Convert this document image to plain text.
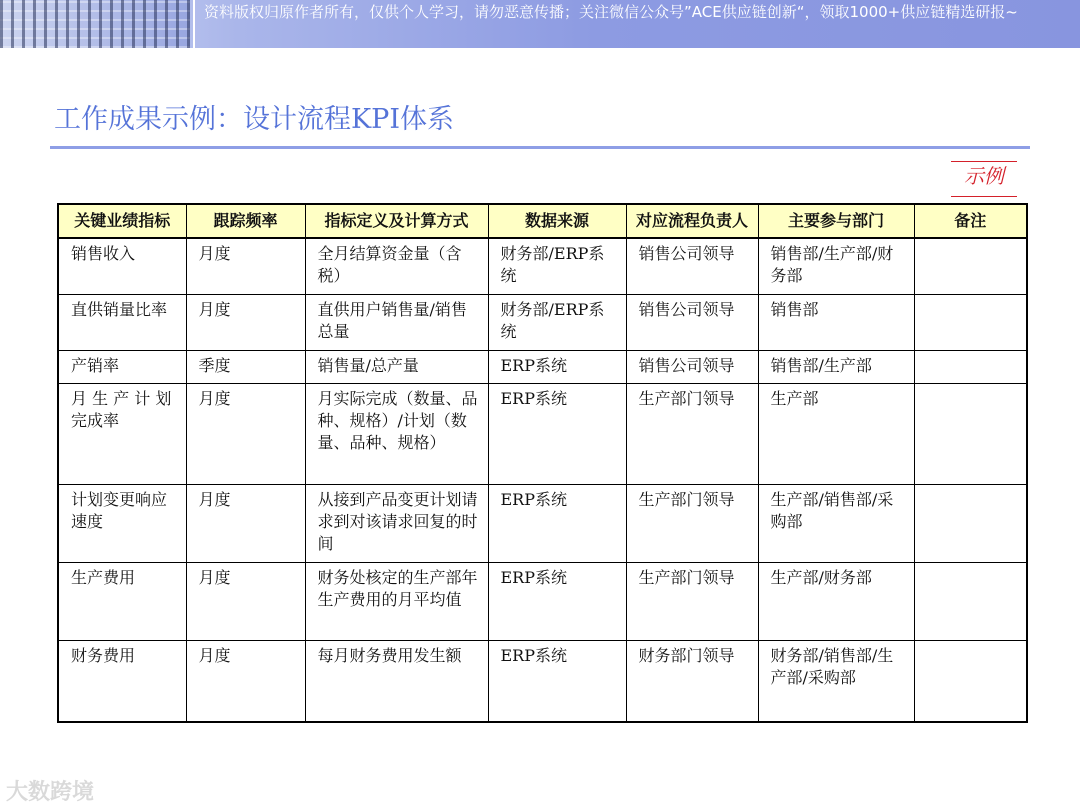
资料版权归原作者所有，仅供个人学习，请勿恶意传播；关注微信公众号”ACE供应链创新“，领取1000+供应链精选研报~
工作成果示例：设计流程KPI体系
示例
关键业绩指标	跟踪频率	指标定义及计算方式	数据来源	对应流程负责人	主要参与部门	备注
销售收入	月度	全月结算资金量（含税）	财务部/ERP系统	销售公司领导	销售部/生产部/财务部	
直供销量比率	月度	直供用户销售量/销售总量	财务部/ERP系统	销售公司领导	销售部	
产销率	季度	销售量/总产量	ERP系统	销售公司领导	销售部/生产部	
月 生 产 计 划完成率	月度	月实际完成（数量、品种、规格）/计划（数量、品种、规格）	ERP系统	生产部门领导	生产部	
计划变更响应速度	月度	从接到产品变更计划请求到对该请求回复的时间	ERP系统	生产部门领导	生产部/销售部/采购部	
生产费用	月度	财务处核定的生产部年生产费用的月平均值	ERP系统	生产部门领导	生产部/财务部	
财务费用	月度	每月财务费用发生额	ERP系统	财务部门领导	财务部/销售部/生产部/采购部	
大数跨境
